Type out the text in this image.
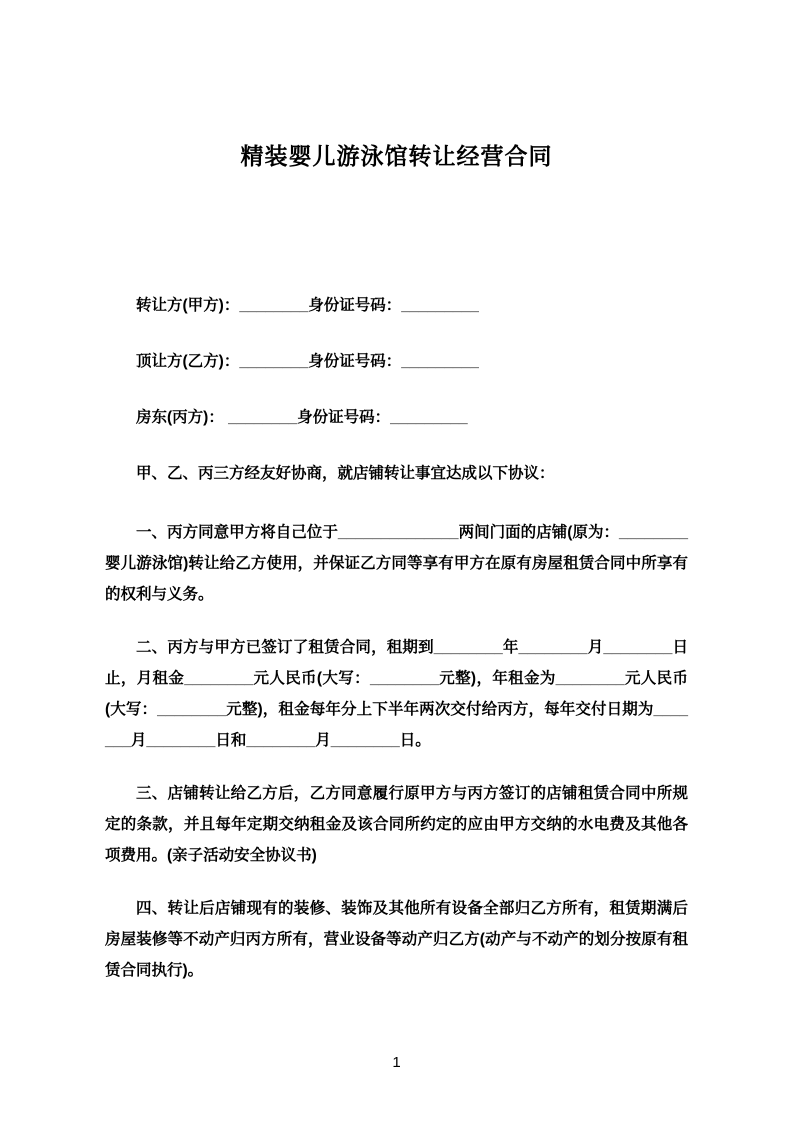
精装婴儿游泳馆转让经营合同

转让方(甲方)：________身份证号码：_________

顶让方(乙方)：________身份证号码：_________

房东(丙方)： ________身份证号码：_________

甲、乙、丙三方经友好协商，就店铺转让事宜达成以下协议：

一、丙方同意甲方将自己位于______________两间门面的店铺(原为：________婴儿游泳馆)转让给乙方使用，并保证乙方同等享有甲方在原有房屋租赁合同中所享有的权利与义务。

二、丙方与甲方已签订了租赁合同，租期到________年________月________日止，月租金________元人民币(大写：________元整)，年租金为________元人民币(大写：________元整)，租金每年分上下半年两次交付给丙方，每年交付日期为_______月________日和________月________日。

三、店铺转让给乙方后，乙方同意履行原甲方与丙方签订的店铺租赁合同中所规定的条款，并且每年定期交纳租金及该合同所约定的应由甲方交纳的水电费及其他各项费用。(亲子活动安全协议书)

四、转让后店铺现有的装修、装饰及其他所有设备全部归乙方所有，租赁期满后房屋装修等不动产归丙方所有，营业设备等动产归乙方(动产与不动产的划分按原有租赁合同执行)。

1
